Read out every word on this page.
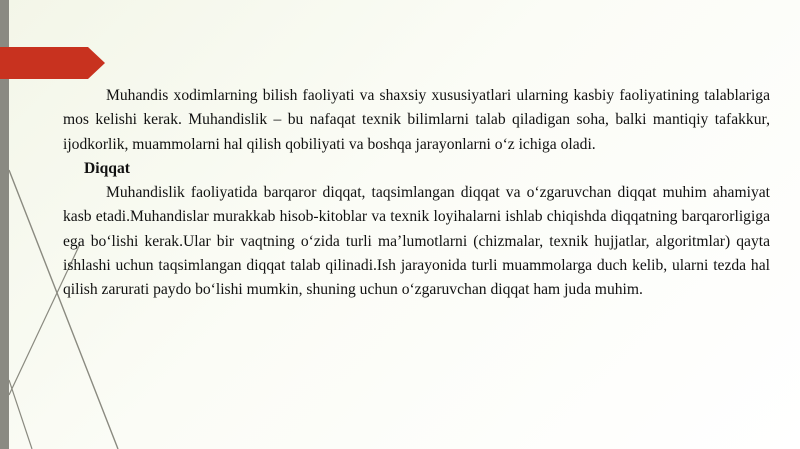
Muhandis xodimlarning bilish faoliyati va shaxsiy xususiyatlari ularning kasbiy faoliyatining talablariga mos kelishi kerak. Muhandislik – bu nafaqat texnik bilimlarni talab qiladigan soha, balki mantiqiy tafakkur, ijodkorlik, muammolarni hal qilish qobiliyati va boshqa jarayonlarni o‘z ichiga oladi.

Diqqat

Muhandislik faoliyatida barqaror diqqat, taqsimlangan diqqat va o‘zgaruvchan diqqat muhim ahamiyat kasb etadi.Muhandislar murakkab hisob-kitoblar va texnik loyihalarni ishlab chiqishda diqqatning barqarorligiga ega bo‘lishi kerak.Ular bir vaqtning o‘zida turli ma’lumotlarni (chizmalar, texnik hujjatlar, algoritmlar) qayta ishlashi uchun taqsimlangan diqqat talab qilinadi.Ish jarayonida turli muammolarga duch kelib, ularni tezda hal qilish zarurati paydo bo‘lishi mumkin, shuning uchun o‘zgaruvchan diqqat ham juda muhim.
